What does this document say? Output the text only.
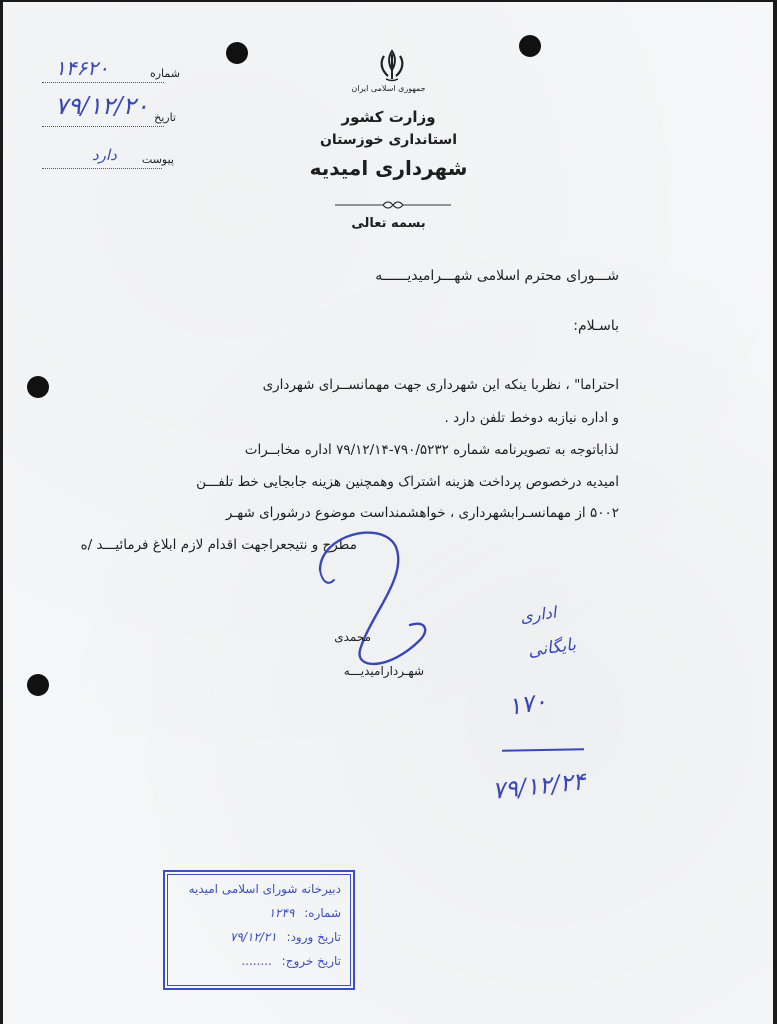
جمهوری اسلامی ایران
وزارت کشور
استانداری خوزستان
شهرداری امیدیه
بسمه تعالی
شماره
۱۴۶۲۰
تاریخ
۷۹/۱۲/۲۰
پیوست
دارد
شـــورای محترم اسلامی شهـــرامیدیــــــه
باسـلام:
احتراما" ، نظربا ینکه این شهرداری جهت مهمانســرای شهرداری
و اداره نیازبه دوخط تلفن دارد .
لذاباتوجه به تصویرنامه شماره ۷۹۰/۵۲۳۲-۷۹/۱۲/۱۴ اداره مخابــرات
امیدیه درخصوص پرداخت هزینه اشتراک وهمچنین هزینه جابجایی خط تلفـــن
۵۰۰۲ از مهمانسـرابشهرداری ، خواهشمنداست موضوع درشورای شهـر
مطرح و نتیجعراجهت اقدام لازم ابلاغ فرمائیـــد /ه
محمدی
شهـردارامیدیـــه
اداری
بایگانی
۱۷۰
۷۹/۱۲/۲۴
دبیرخانه شورای اسلامی امیدیه
شماره: ۱۲۴۹
تاریخ ورود: ۷۹/۱۲/۲۱
تاریخ خروج: ........
